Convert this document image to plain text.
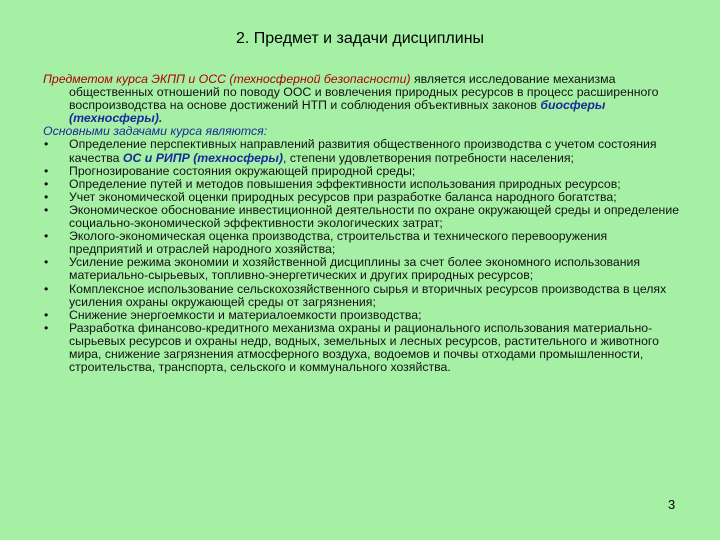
2. Предмет и задачи дисциплины

Предметом курса ЭКПП и ОСС (техносферной безопасности) является исследование механизма общественных отношений по поводу ООС и вовлечения природных ресурсов в процесс расширенного воспроизводства на основе достижений НТП и соблюдения объективных законов биосферы (техносферы).

Основными задачами курса являются:

• Определение перспективных направлений развития общественного производства с учетом состояния качества ОС и РИПР (техносферы), степени удовлетворения потребности населения;
• Прогнозирование состояния окружающей природной среды;
• Определение путей и методов повышения эффективности использования природных ресурсов;
• Учет экономической оценки природных ресурсов при разработке баланса народного богатства;
• Экономическое обоснование инвестиционной деятельности по охране окружающей среды и определение социально-экономической эффективности экологических затрат;
• Эколого-экономическая оценка производства, строительства и технического перевооружения предприятий и отраслей народного хозяйства;
• Усиление режима экономии и хозяйственной дисциплины за счет более экономного использования материально-сырьевых, топливно-энергетических и других природных ресурсов;
• Комплексное использование сельскохозяйственного сырья и вторичных ресурсов производства в целях усиления охраны окружающей среды от загрязнения;
• Снижение энергоемкости и материалоемкости производства;
• Разработка финансово-кредитного механизма охраны и рационального использования материально-сырьевых ресурсов и охраны недр, водных, земельных и лесных ресурсов, растительного и животного мира, снижение загрязнения атмосферного воздуха, водоемов и почвы отходами промышленности, строительства, транспорта, сельского и коммунального хозяйства.
3
